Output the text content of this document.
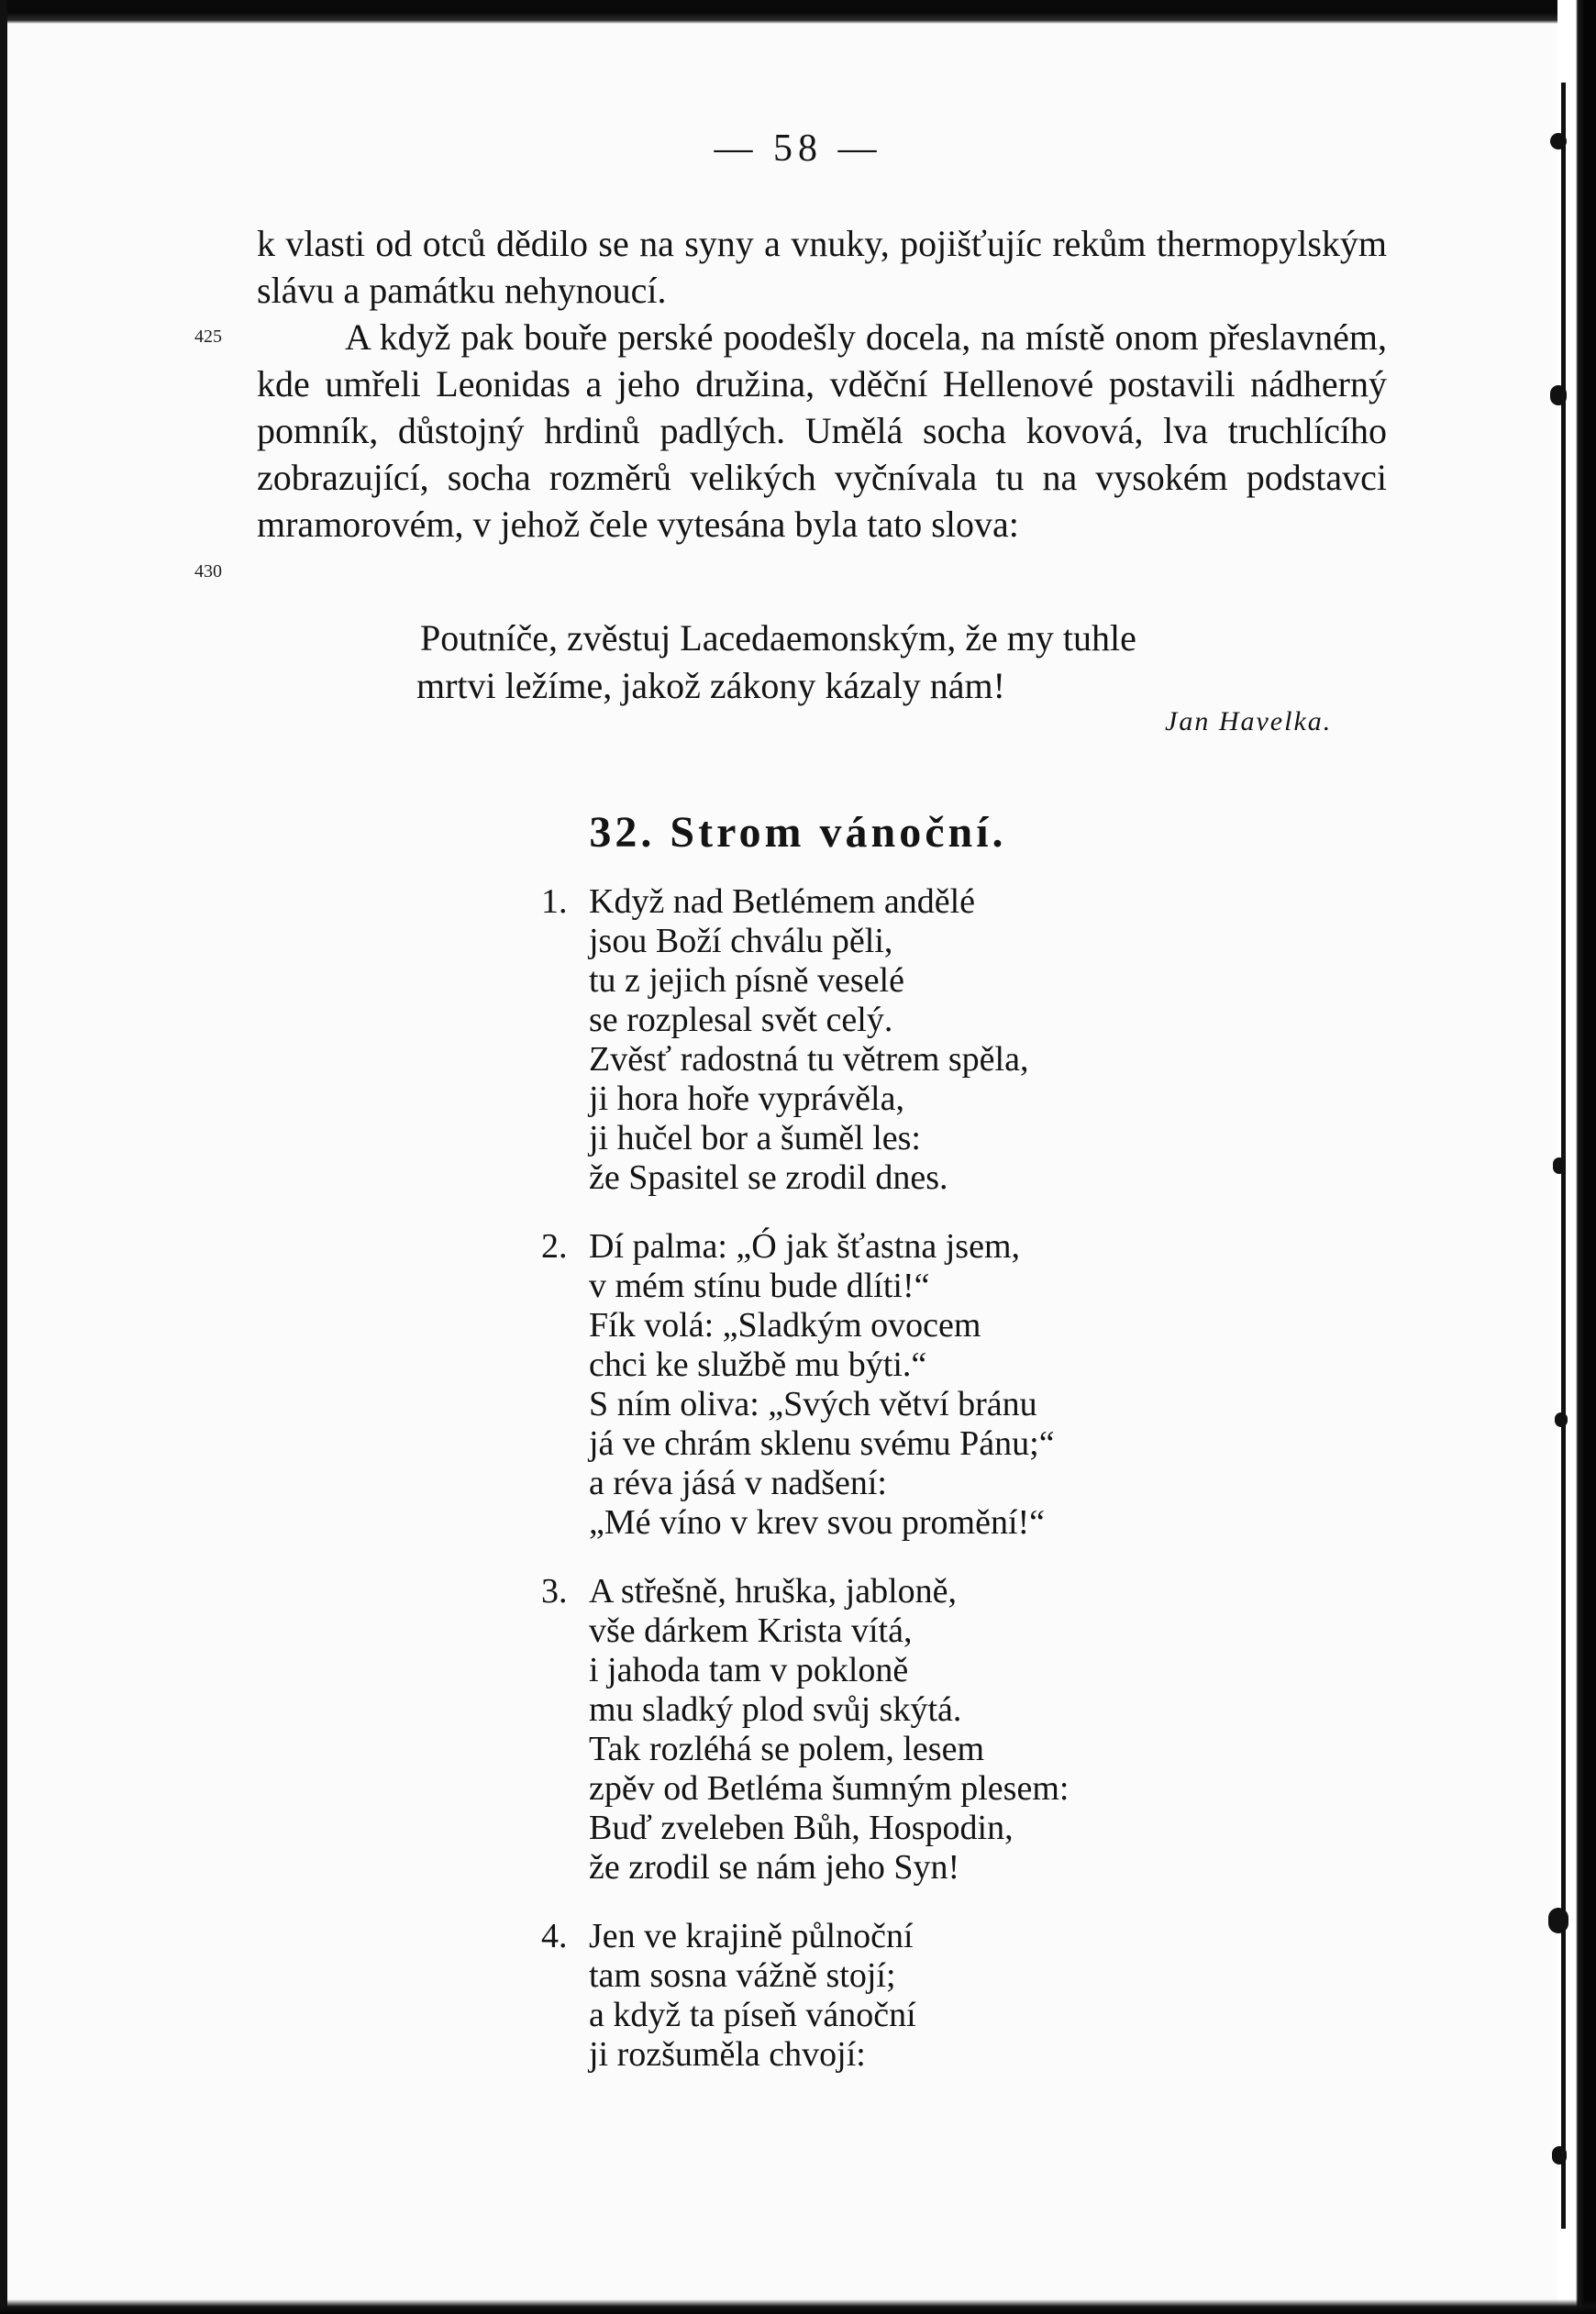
— 58 —
425
430

k vlasti od otců dědilo se na syny a vnuky, pojišťujíc rekům thermopylským slávu a památku nehynoucí.

A když pak bouře perské poodešly docela, na místě onom přeslavném, kde umřeli Leonidas a jeho družina, vděční Hellenové postavili nádherný pomník, důstojný hrdinů padlých. Umělá socha kovová, lva truchlícího zobrazující, socha rozměrů velikých vyčnívala tu na vysokém podstavci mramorovém, v jehož čele vytesána byla tato slova:

Poutníče, zvěstuj Lacedaemonským, že my tuhle
mrtvi ležíme, jakož zákony kázaly nám!
Jan Havelka.
32. Strom vánoční.
1. Když nad Betlémem andělé
jsou Boží chválu pěli,
tu z jejich písně veselé
se rozplesal svět celý.
Zvěsť radostná tu větrem spěla,
ji hora hoře vyprávěla,
ji hučel bor a šuměl les:
že Spasitel se zrodil dnes.
2. Dí palma: „Ó jak šťastna jsem,
v mém stínu bude dlíti!“
Fík volá: „Sladkým ovocem
chci ke službě mu býti.“
S ním oliva: „Svých větví bránu
já ve chrám sklenu svému Pánu;“
a réva jásá v nadšení:
„Mé víno v krev svou promění!“
3. A střešně, hruška, jabloně,
vše dárkem Krista vítá,
i jahoda tam v pokloně
mu sladký plod svůj skýtá.
Tak rozléhá se polem, lesem
zpěv od Betléma šumným plesem:
Buď zveleben Bůh, Hospodin,
že zrodil se nám jeho Syn!
4. Jen ve krajině půlnoční
tam sosna vážně stojí;
a když ta píseň vánoční
ji rozšuměla chvojí:
